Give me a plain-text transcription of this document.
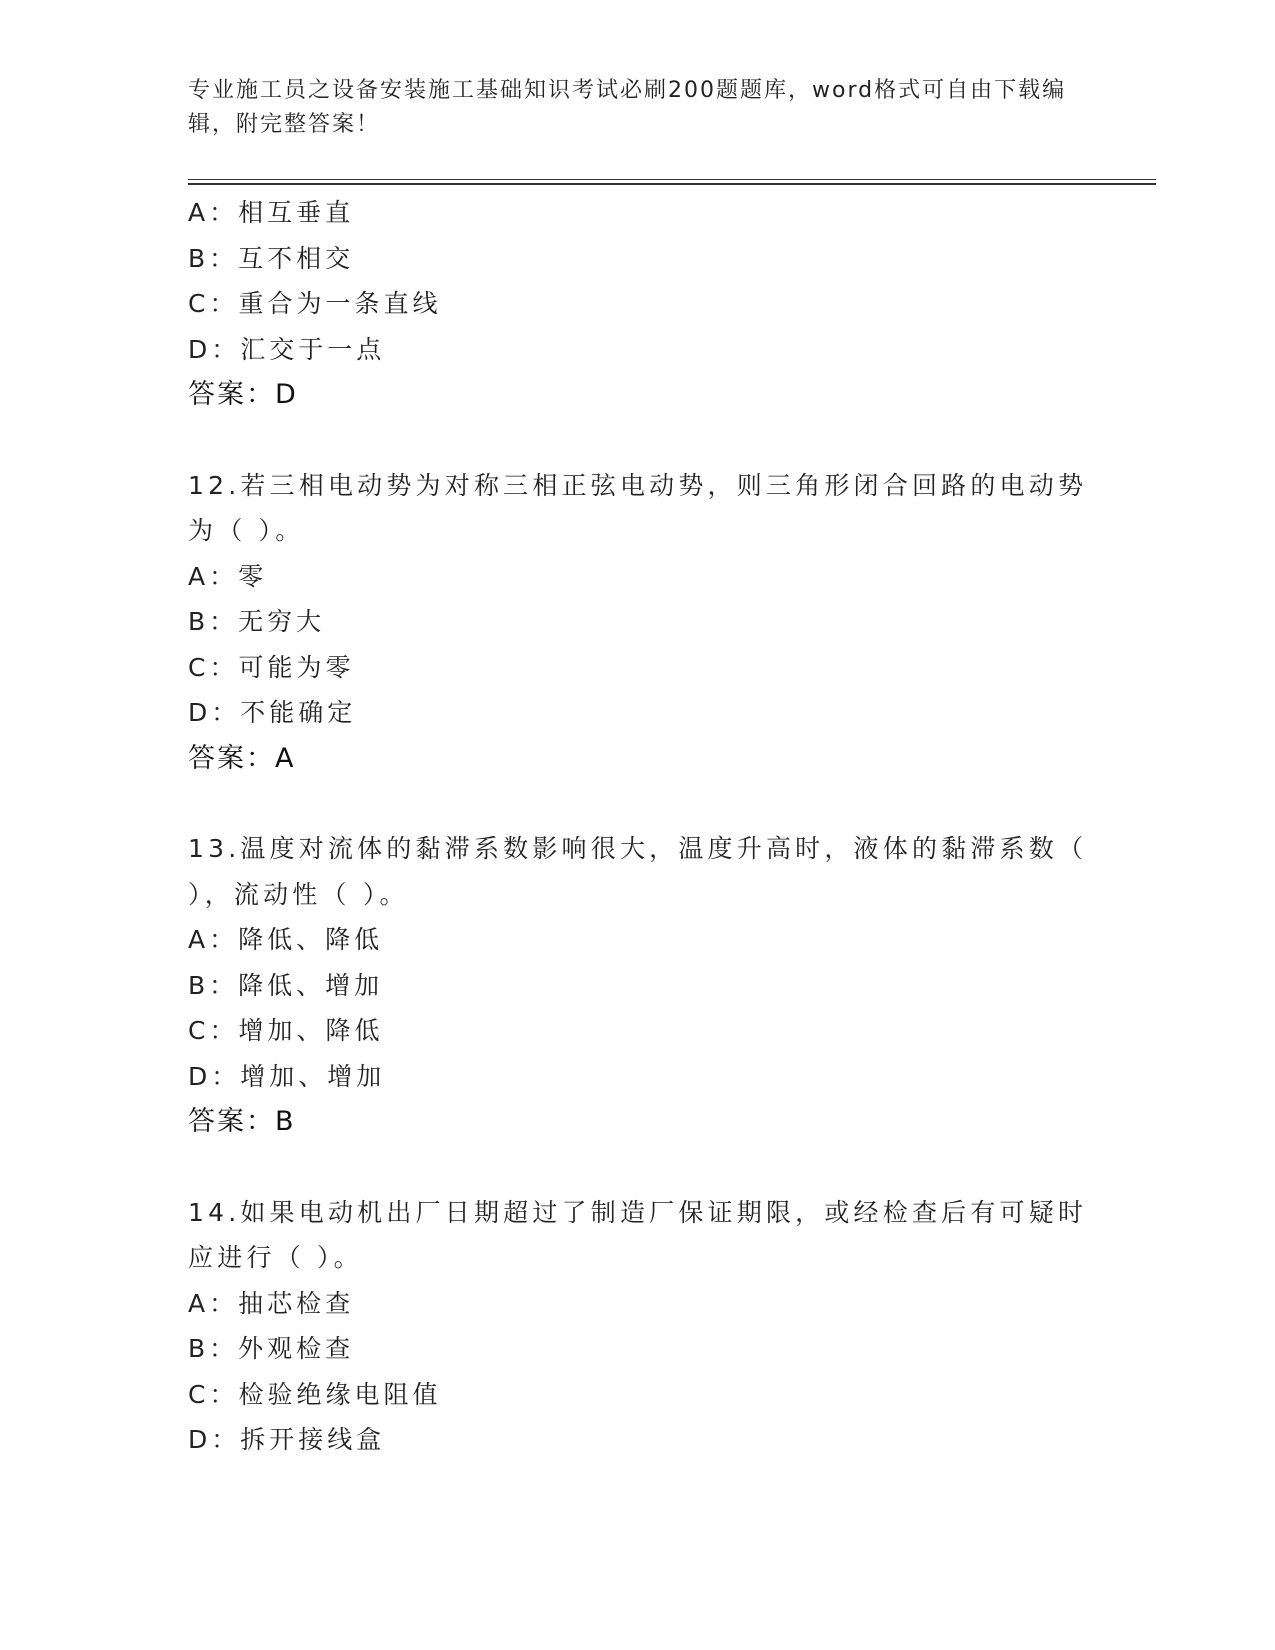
专业施工员之设备安装施工基础知识考试必刷200题题库，word格式可自由下载编辑，附完整答案！
A：相互垂直
B：互不相交
C：重合为一条直线
D：汇交于一点
答案：D
12.若三相电动势为对称三相正弦电动势，则三角形闭合回路的电动势为（ ）。
A：零
B：无穷大
C：可能为零
D：不能确定
答案：A
13.温度对流体的黏滞系数影响很大，温度升高时，液体的黏滞系数（ ），流动性（ ）。
A：降低、降低
B：降低、增加
C：增加、降低
D：增加、增加
答案：B
14.如果电动机出厂日期超过了制造厂保证期限，或经检查后有可疑时应进行（ ）。
A：抽芯检查
B：外观检查
C：检验绝缘电阻值
D：拆开接线盒
